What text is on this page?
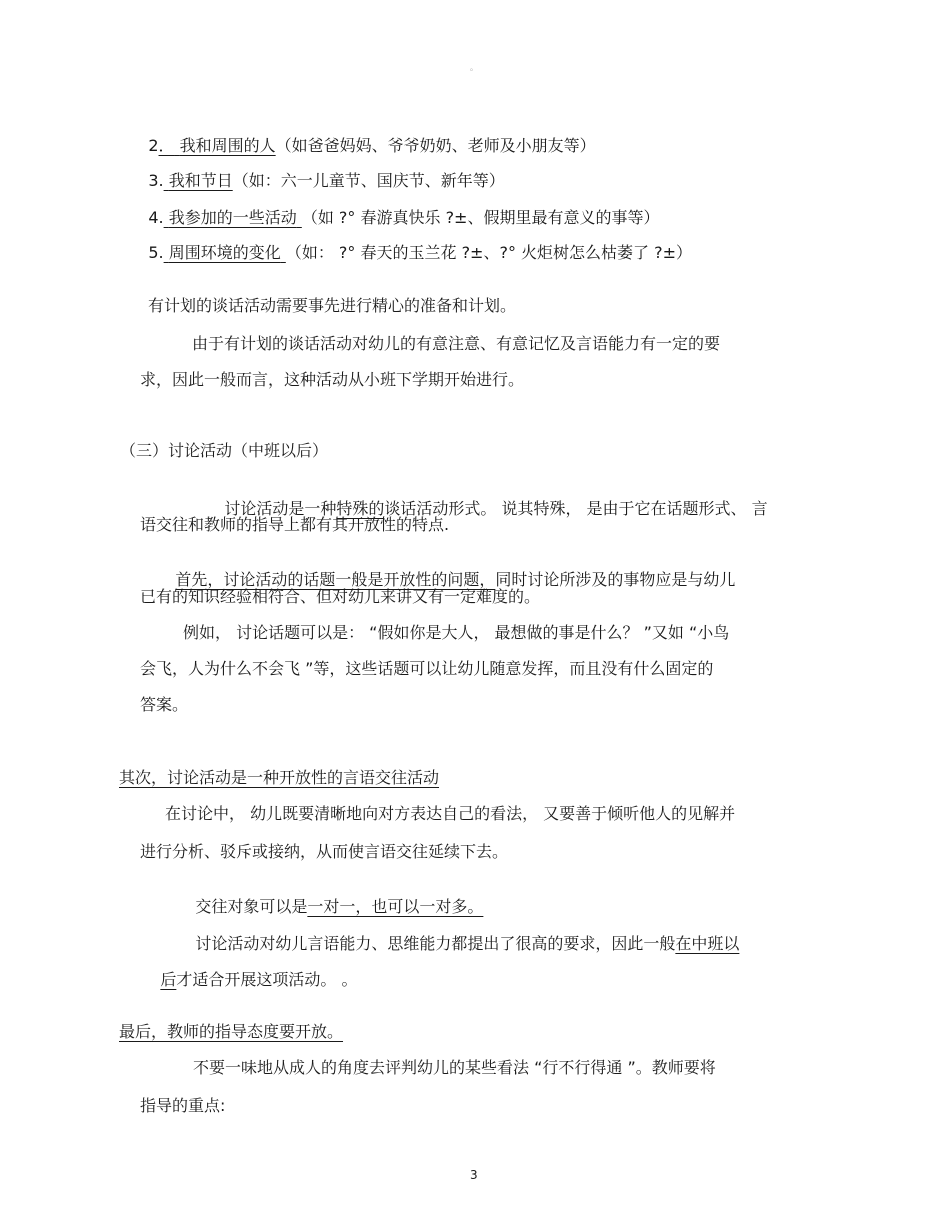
。

2． 我和周围的人（如爸爸妈妈、爷爷奶奶、老师及小朋友等）

3. 我和节日（如：六一儿童节、国庆节、新年等）

4. 我参加的一些活动 （如 ?° 春游真快乐 ?±、假期里最有意义的事等）

5. 周围环境的变化 （如： ?° 春天的玉兰花 ?±、?° 火炬树怎么枯萎了 ?±）

有计划的谈话活动需要事先进行精心的准备和计划。
由于有计划的谈话活动对幼儿的有意注意、有意记忆及言语能力有一定的要
求，因此一般而言，这种活动从小班下学期开始进行。
（三）讨论活动（中班以后）

讨论活动是一种特殊的谈话活动形式。 说其特殊， 是由于它在话题形式、 言

语交往和教师的指导上都有其开放性的特点.

首先，讨论活动的话题一般是开放性的问题，同时讨论所涉及的事物应是与幼儿

已有的知识经验相符合、但对幼儿来讲又有一定难度的。
例如， 讨论话题可以是： “假如你是大人， 最想做的事是什么？ ”又如 “小鸟
会飞，人为什么不会飞 ”等，这些话题可以让幼儿随意发挥，而且没有什么固定的
答案。
其次，讨论活动是一种开放性的言语交往活动
在讨论中， 幼儿既要清晰地向对方表达自己的看法， 又要善于倾听他人的见解并
进行分析、驳斥或接纳，从而使言语交往延续下去。

交往对象可以是一对一，也可以一对多。

讨论活动对幼儿言语能力、思维能力都提出了很高的要求，因此一般在中班以

后才适合开展这项活动。 。

最后，教师的指导态度要开放。
不要一味地从成人的角度去评判幼儿的某些看法 “行不行得通 ”。教师要将
指导的重点:
3
